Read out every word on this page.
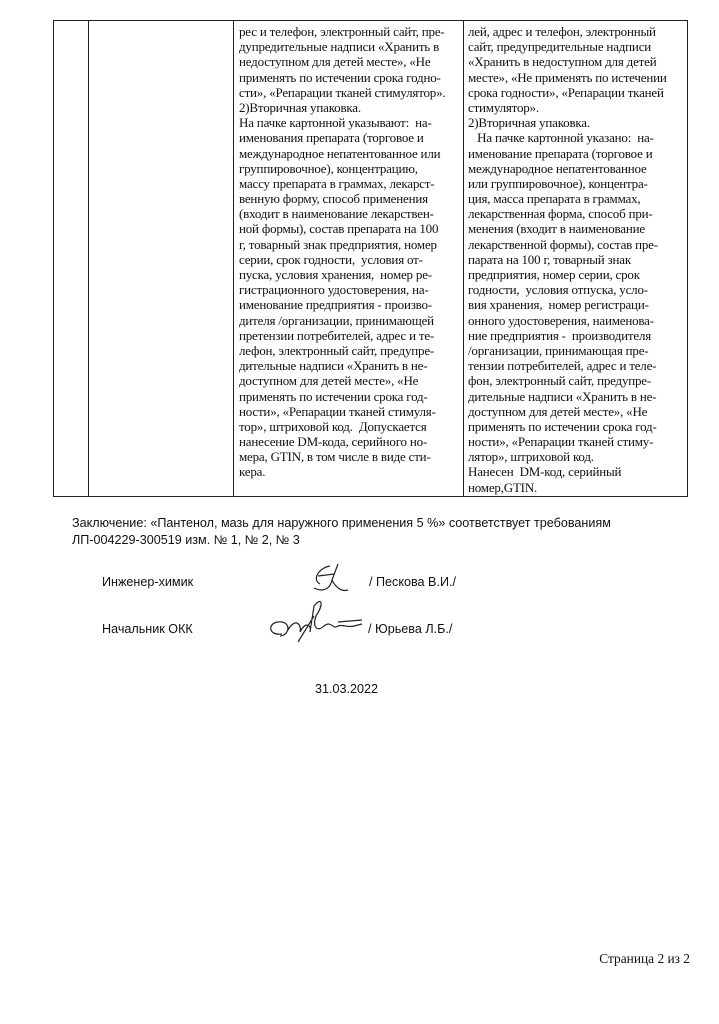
рес и телефон, электронный сайт, пре-
дупредительные надписи «Хранить в
недоступном для детей месте», «Не
применять по истечении срока годно-
сти», «Репарации тканей стимулятор».
2)Вторичная упаковка.
На пачке картонной указывают:  на-
именования препарата (торговое и
международное непатентованное или
группировочное), концентрацию,
массу препарата в граммах, лекарст-
венную форму, способ применения
(входит в наименование лекарствен-
ной формы), состав препарата на 100
г, товарный знак предприятия, номер
серии, срок годности,  условия от-
пуска, условия хранения,  номер ре-
гистрационного удостоверения, на-
именование предприятия - произво-
дителя /организации, принимающей
претензии потребителей, адрес и те-
лефон, электронный сайт, предупре-
дительные надписи «Хранить в не-
доступном для детей месте», «Не
применять по истечении срока год-
ности», «Репарации тканей стимуля-
тор», штриховой код.  Допускается
нанесение DM-кода, серийного но-
мера, GTIN, в том числе в виде сти-
кера.
лей, адрес и телефон, электронный
сайт, предупредительные надписи
«Хранить в недоступном для детей
месте», «Не применять по истечении
срока годности», «Репарации тканей
стимулятор».
2)Вторичная упаковка.
На пачке картонной указано:  на-
именование препарата (торговое и
международное непатентованное
или группировочное), концентра-
ция, масса препарата в граммах,
лекарственная форма, способ при-
менения (входит в наименование
лекарственной формы), состав пре-
парата на 100 г, товарный знак
предприятия, номер серии, срок
годности,  условия отпуска, усло-
вия хранения,  номер регистраци-
онного удостоверения, наименова-
ние предприятия -  производителя
/организации, принимающая пре-
тензии потребителей, адрес и теле-
фон, электронный сайт, предупре-
дительные надписи «Хранить в не-
доступном для детей месте», «Не
применять по истечении срока год-
ности», «Репарации тканей стиму-
лятор», штриховой код.
Нанесен  DM-код, серийный
номер,GTIN.
Заключение: «Пантенол, мазь для наружного применения 5 %» соответствует требованиям
ЛП-004229-300519 изм. № 1, № 2, № 3
Инженер-химик	/ Пескова В.И./
Начальник ОКК	/ Юрьева Л.Б./
31.03.2022
Страница 2 из 2
